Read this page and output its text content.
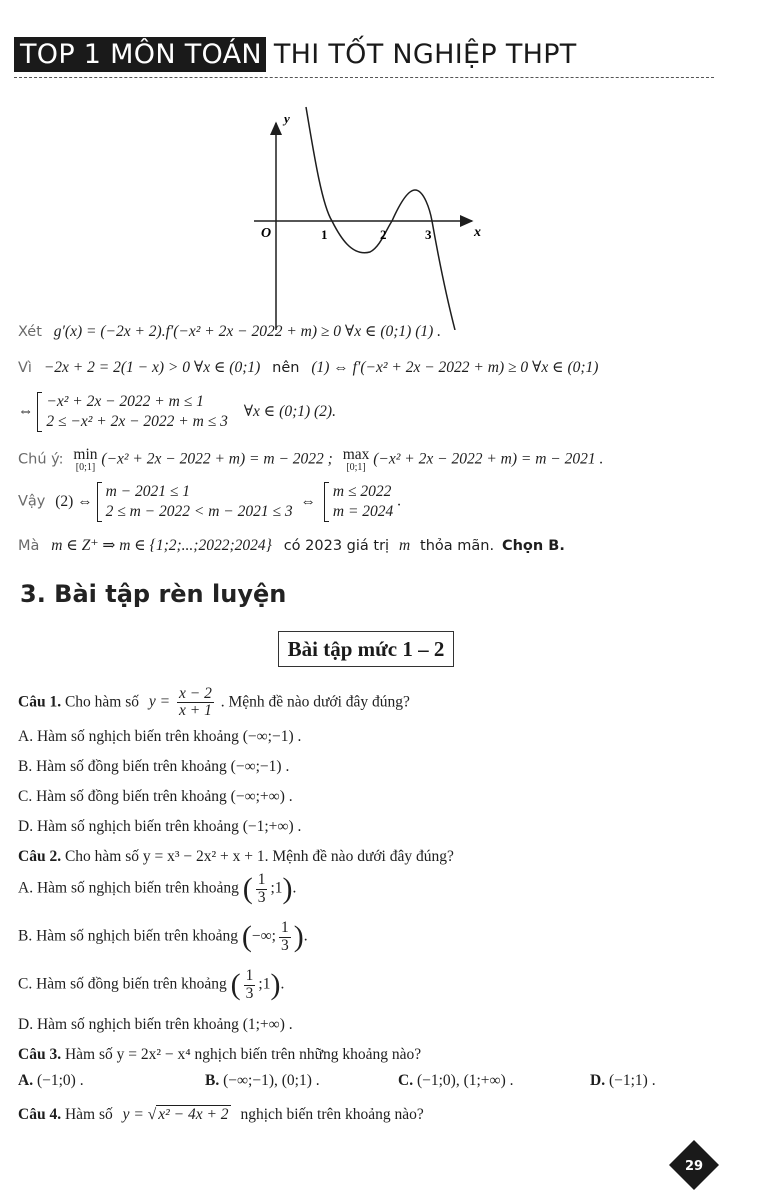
TOP 1 MÔN TOÁN THI TỐT NGHIỆP THPT
y
x
O	1	2	3
Xét g′(x) = (−2x + 2).f′(−x² + 2x − 2022 + m) ≥ 0 ∀x ∈ (0;1) (1) .
Vì −2x + 2 = 2(1 − x) > 0 ∀x ∈ (0;1) nên (1) ⇔ f′(−x² + 2x − 2022 + m) ≥ 0 ∀x ∈ (0;1)
⇔
−x² + 2x − 2022 + m ≤ 1
2 ≤ −x² + 2x − 2022 + m ≤ 3
∀x ∈ (0;1) (2).
Chú ý: min
[0;1] (−x² + 2x − 2022 + m) = m − 2022 ; max
[0;1] (−x² + 2x − 2022 + m) = m − 2021 .
Vậy (2) ⇔
m − 2021 ≤ 1
2 ≤ m − 2022 < m − 2021 ≤ 3
⇔
m ≤ 2022
m = 2024
.
Mà m ∈ Z⁺ ⇒ m ∈ {1;2;...;2022;2024} có 2023 giá trị m thỏa mãn. Chọn B.
3. Bài tập rèn luyện
Bài tập mức 1 – 2
Câu 1. Cho hàm số $y = \frac{x - 2}{x + 1}$ . Mệnh đề nào dưới đây đúng?
A. Hàm số nghịch biến trên khoảng (−∞;−1) .
B. Hàm số đồng biến trên khoảng (−∞;−1) .
C. Hàm số đồng biến trên khoảng (−∞;+∞) .
D. Hàm số nghịch biến trên khoảng (−1;+∞) .
Câu 2. Cho hàm số y = x³ − 2x² + x + 1. Mệnh đề nào dưới đây đúng?
A. Hàm số nghịch biến trên khoảng ( $\frac{1}{3}$ ;1).
B. Hàm số nghịch biến trên khoảng (−∞; $\frac{1}{3}$ ).
C. Hàm số đồng biến trên khoảng ( $\frac{1}{3}$ ;1).
D. Hàm số nghịch biến trên khoảng (1;+∞) .
Câu 3. Hàm số y = 2x² − x⁴ nghịch biến trên những khoảng nào?
A. (−1;0) .	B. (−∞;−1), (0;1) .	C. (−1;0), (1;+∞) .	D. (−1;1) .
Câu 4. Hàm số y = √ x² − 4x + 2 nghịch biến trên khoảng nào?
29
